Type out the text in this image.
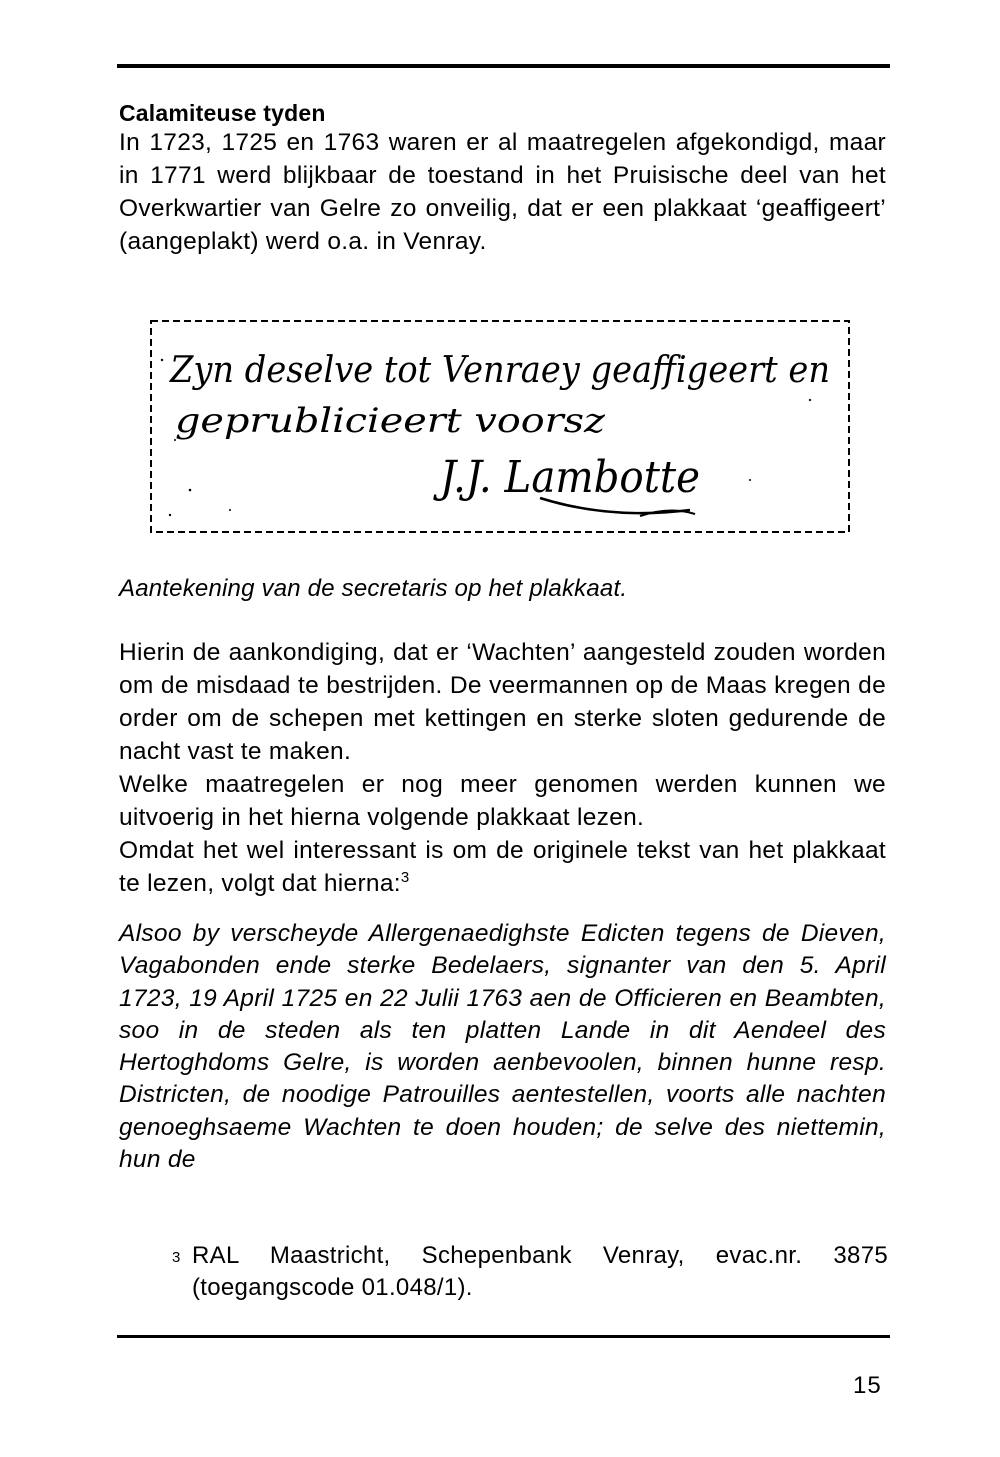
Calamiteuse tyden
In 1723, 1725 en 1763 waren er al maatregelen afgekondigd, maar in 1771 werd blijkbaar de toestand in het Pruisische deel van het Overkwartier van Gelre zo onveilig, dat er een plakkaat ‘geaffigeert’ (aangeplakt) werd o.a. in Venray.
Zyn deselve tot Venraey geaffigeert en
geprublicieert voorsz
J.J. Lambotte
Aantekening van de secretaris op het plakkaat.
Hierin de aankondiging, dat er ‘Wachten’ aangesteld zouden worden om de misdaad te bestrijden. De veermannen op de Maas kregen de order om de schepen met kettingen en sterke sloten gedurende de nacht vast te maken.
Welke maatregelen er nog meer genomen werden kunnen we uitvoerig in het hierna volgende plakkaat lezen.
Omdat het wel interessant is om de originele tekst van het plakkaat te lezen, volgt dat hierna:$^3$
Alsoo by verscheyde Allergenaedighste Edicten tegens de Dieven, Vagabonden ende sterke Bedelaers, signanter van den 5. April 1723, 19 April 1725 en 22 Julii 1763 aen de Officieren en Beambten, soo in de steden als ten platten Lande in dit Aendeel des Hertoghdoms Gelre, is worden aenbevoolen, binnen hunne resp. Districten, de noodige Patrouilles aentestellen, voorts alle nachten genoeghsaeme Wachten te doen houden; de selve des niettemin, hun de
3 RAL Maastricht, Schepenbank Venray, evac.nr. 3875 (toegangscode 01.048/1).
15
